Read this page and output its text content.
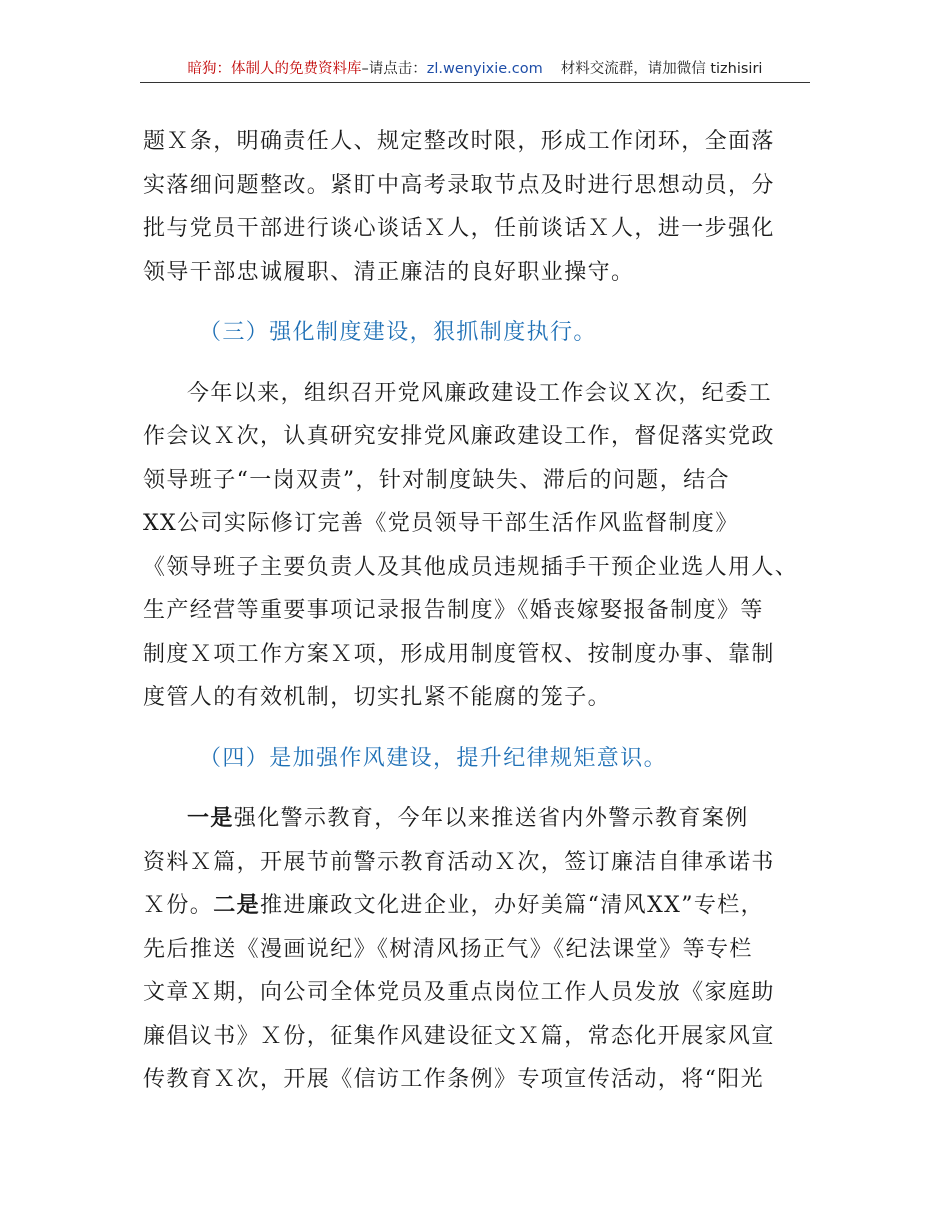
暗狗：体制人的免费资料库 –请点击： zl.wenyixie.com 材料交流群，请加微信 tizhisiri

题Ｘ条，明确责任人、规定整改时限，形成工作闭环，全面落
实落细问题整改。紧盯中高考录取节点及时进行思想动员，分
批与党员干部进行谈心谈话Ｘ人，任前谈话Ｘ人，进一步强化
领导干部忠诚履职、清正廉洁的良好职业操守。

（三）强化制度建设，狠抓制度执行。

今年以来，组织召开党风廉政建设工作会议Ｘ次，纪委工
作会议Ｘ次，认真研究安排党风廉政建设工作，督促落实党政
领导班子“一岗双责”，针对制度缺失、滞后的问题，结合
XX公司实际修订完善《党员领导干部生活作风监督制度》
《领导班子主要负责人及其他成员违规插手干预企业选人用人、
生产经营等重要事项记录报告制度》《婚丧嫁娶报备制度》等
制度Ｘ项工作方案Ｘ项，形成用制度管权、按制度办事、靠制
度管人的有效机制，切实扎紧不能腐的笼子。

（四）是加强作风建设，提升纪律规矩意识。

一是强化警示教育，今年以来推送省内外警示教育案例
资料Ｘ篇，开展节前警示教育活动Ｘ次，签订廉洁自律承诺书
Ｘ份。二是推进廉政文化进企业，办好美篇“清风XX”专栏，
先后推送《漫画说纪》《树清风扬正气》《纪法课堂》等专栏
文章Ｘ期，向公司全体党员及重点岗位工作人员发放《家庭助
廉倡议书》Ｘ份，征集作风建设征文Ｘ篇，常态化开展家风宣
传教育Ｘ次，开展《信访工作条例》专项宣传活动，将“阳光
